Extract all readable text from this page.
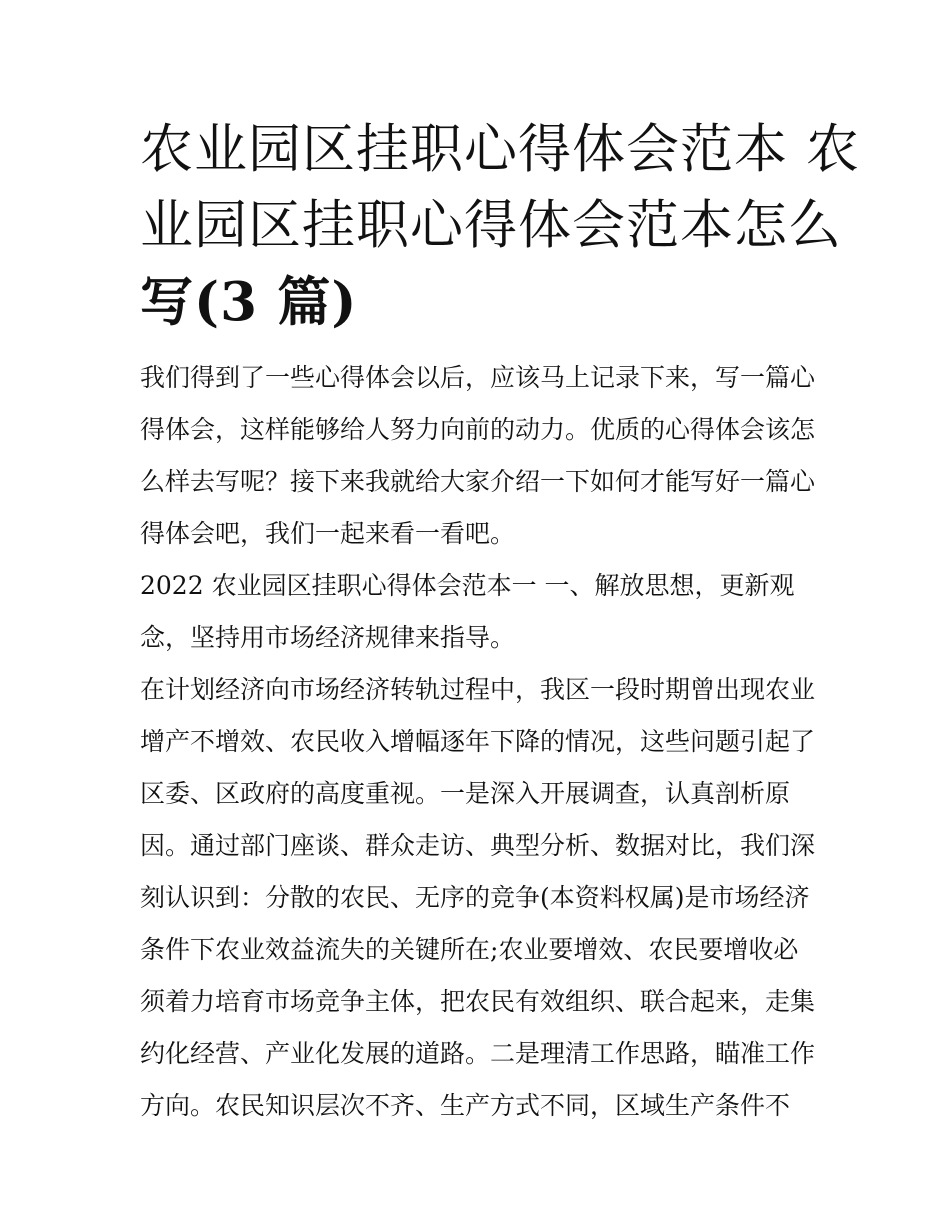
农业园区挂职心得体会范本 农
业园区挂职心得体会范本怎么
写(3 篇)

我们得到了一些心得体会以后，应该马上记录下来，写一篇心
得体会，这样能够给人努力向前的动力。优质的心得体会该怎
么样去写呢？接下来我就给大家介绍一下如何才能写好一篇心
得体会吧，我们一起来看一看吧。

2022 农业园区挂职心得体会范本一 一、解放思想，更新观
念，坚持用市场经济规律来指导。

在计划经济向市场经济转轨过程中，我区一段时期曾出现农业
增产不增效、农民收入增幅逐年下降的情况，这些问题引起了
区委、区政府的高度重视。一是深入开展调查，认真剖析原
因。通过部门座谈、群众走访、典型分析、数据对比，我们深
刻认识到：分散的农民、无序的竞争(本资料权属)是市场经济
条件下农业效益流失的关键所在;农业要增效、农民要增收必
须着力培育市场竞争主体，把农民有效组织、联合起来，走集
约化经营、产业化发展的道路。二是理清工作思路，瞄准工作
方向。农民知识层次不齐、生产方式不同，区域生产条件不
